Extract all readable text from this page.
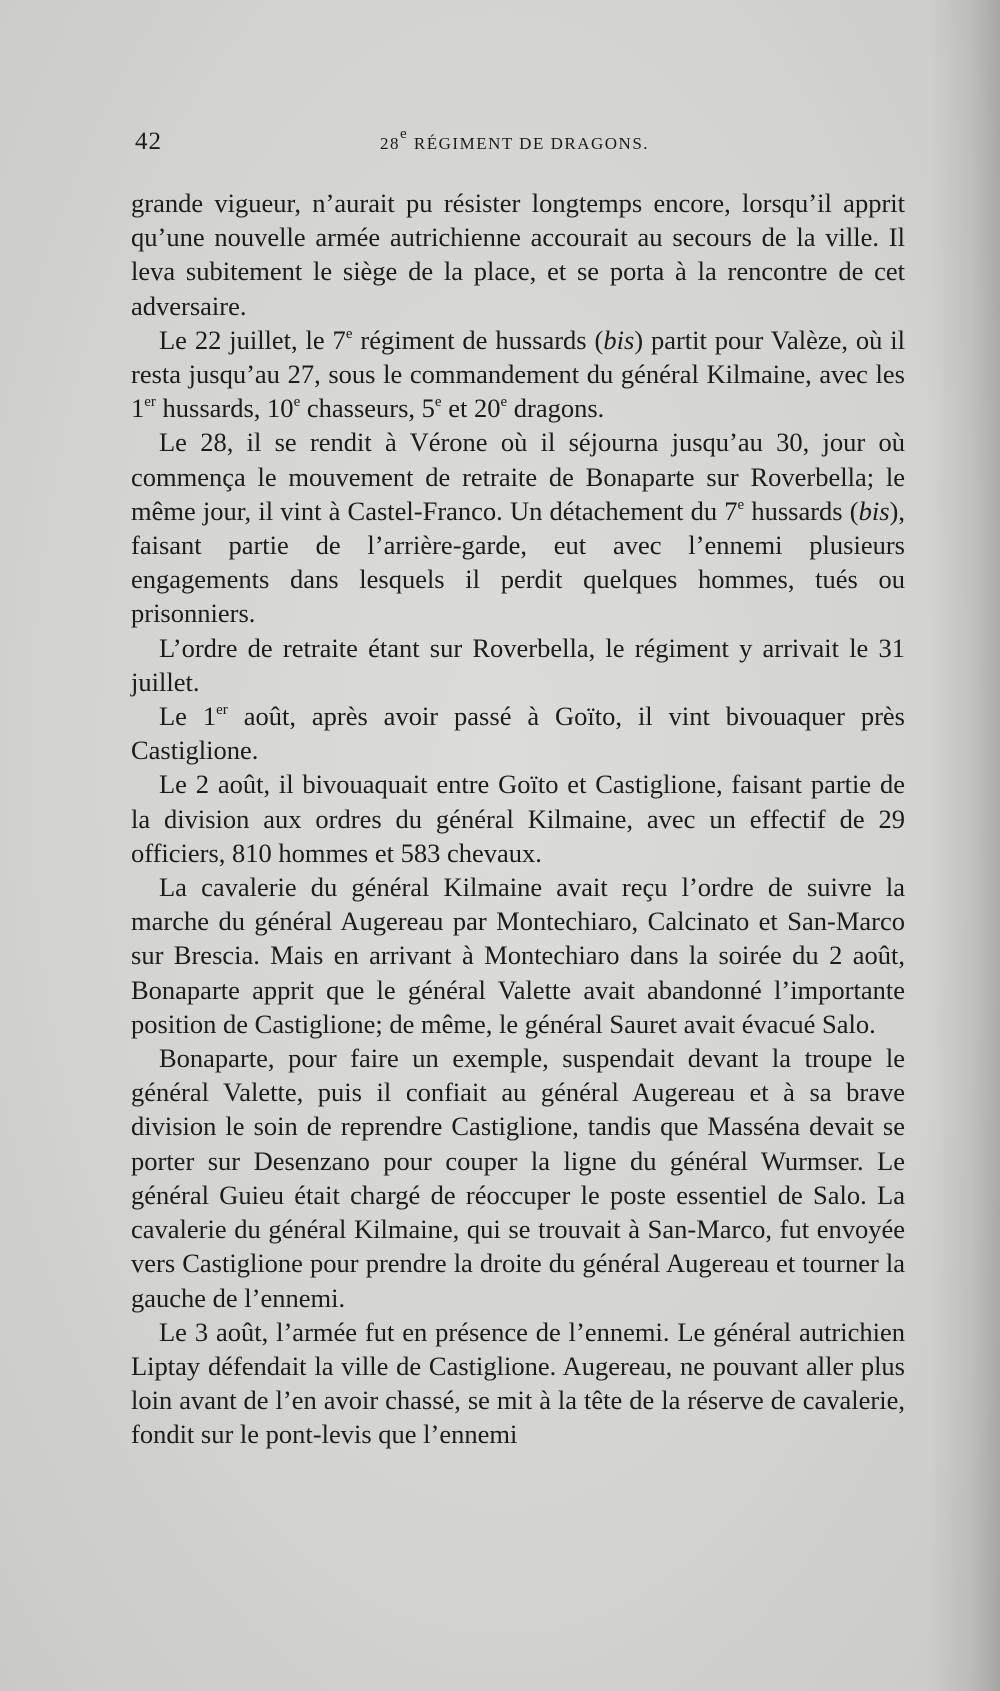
42	28e RÉGIMENT DE DRAGONS.

grande vigueur, n’aurait pu résister longtemps encore, lorsqu’il apprit qu’une nouvelle armée autrichienne accourait au secours de la ville. Il leva subitement le siège de la place, et se porta à la rencontre de cet adversaire.

Le 22 juillet, le 7e régiment de hussards (bis) partit pour Valèze, où il resta jusqu’au 27, sous le commandement du général Kilmaine, avec les 1er hussards, 10e chasseurs, 5e et 20e dragons.

Le 28, il se rendit à Vérone où il séjourna jusqu’au 30, jour où commença le mouvement de retraite de Bonaparte sur Roverbella; le même jour, il vint à Castel-Franco. Un détachement du 7e hussards (bis), faisant partie de l’arrière-garde, eut avec l’ennemi plusieurs engagements dans lesquels il perdit quelques hommes, tués ou prisonniers.

L’ordre de retraite étant sur Roverbella, le régiment y arrivait le 31 juillet.

Le 1er août, après avoir passé à Goïto, il vint bivouaquer près Castiglione.

Le 2 août, il bivouaquait entre Goïto et Castiglione, faisant partie de la division aux ordres du général Kilmaine, avec un effectif de 29 officiers, 810 hommes et 583 chevaux.

La cavalerie du général Kilmaine avait reçu l’ordre de suivre la marche du général Augereau par Montechiaro, Calcinato et San-Marco sur Brescia. Mais en arrivant à Montechiaro dans la soirée du 2 août, Bonaparte apprit que le général Valette avait abandonné l’importante position de Castiglione; de même, le général Sauret avait évacué Salo.

Bonaparte, pour faire un exemple, suspendait devant la troupe le général Valette, puis il confiait au général Augereau et à sa brave division le soin de reprendre Castiglione, tandis que Masséna devait se porter sur Desenzano pour couper la ligne du général Wurmser. Le général Guieu était chargé de réoccuper le poste essentiel de Salo. La cavalerie du général Kilmaine, qui se trouvait à San-Marco, fut envoyée vers Castiglione pour prendre la droite du général Augereau et tourner la gauche de l’ennemi.

Le 3 août, l’armée fut en présence de l’ennemi. Le général autrichien Liptay défendait la ville de Castiglione. Augereau, ne pouvant aller plus loin avant de l’en avoir chassé, se mit à la tête de la réserve de cavalerie, fondit sur le pont-levis que l’ennemi
